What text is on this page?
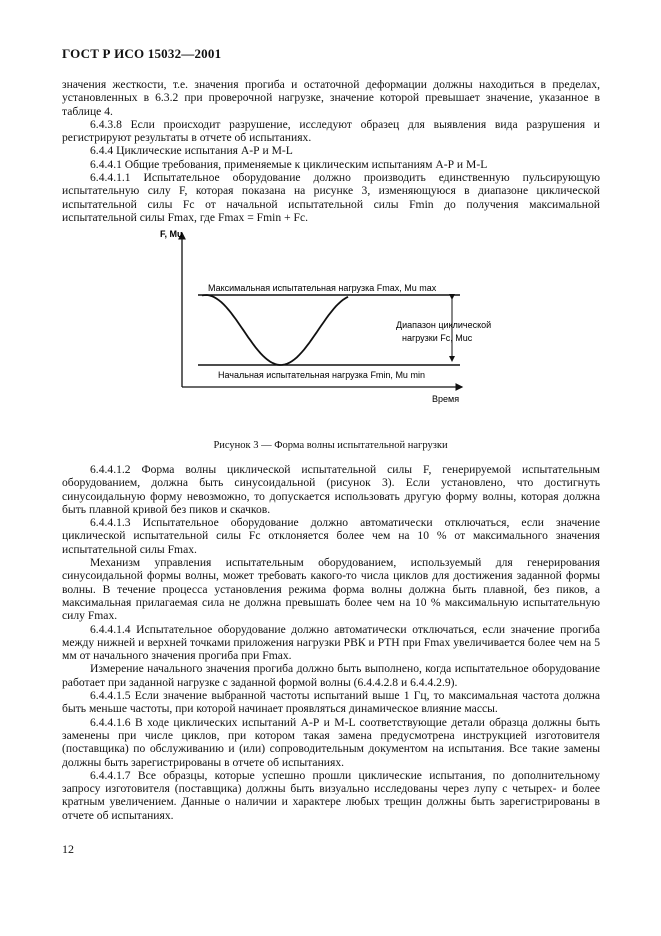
ГОСТ Р ИСО 15032—2001

значения жесткости, т.е. значения прогиба и остаточной деформации должны находиться в пределах, установленных в 6.3.2 при проверочной нагрузке, значение которой превышает значение, указанное в таблице 4.

6.4.3.8 Если происходит разрушение, исследуют образец для выявления вида разрушения и регистрируют результаты в отчете об испытаниях.

6.4.4 Циклические испытания А-Р и М-L

6.4.4.1 Общие требования, применяемые к циклическим испытаниям А-Р и М-L

6.4.4.1.1 Испытательное оборудование должно производить единственную пульсирующую испытательную силу F, которая показана на рисунке 3, изменяющуюся в диапазоне циклической испытательной силы Fc от начальной испытательной силы Fmin до получения максимальной испытательной силы Fmax, где Fmax = Fmin + Fc.

F, Mu
Время
Максимальная испытательная нагрузка Fmax, Mu max
Начальная испытательная нагрузка Fmin, Mu min
Диапазон циклической
нагрузки Fc, Muc
Рисунок 3 — Форма волны испытательной нагрузки

6.4.4.1.2 Форма волны циклической испытательной силы F, генерируемой испытательным оборудованием, должна быть синусоидальной (рисунок 3). Если установлено, что достигнуть синусоидальную форму невозможно, то допускается использовать другую форму волны, которая должна быть плавной кривой без пиков и скачков.

6.4.4.1.3 Испытательное оборудование должно автоматически отключаться, если значение циклической испытательной силы Fc отклоняется более чем на 10 % от максимального значения испытательной силы Fmax.

Механизм управления испытательным оборудованием, используемый для генерирования синусоидальной формы волны, может требовать какого-то числа циклов для достижения заданной формы волны. В течение процесса установления режима форма волны должна быть плавной, без пиков, а максимальная прилагаемая сила не должна превышать более чем на 10 % максимальную испытательную силу Fmax.

6.4.4.1.4 Испытательное оборудование должно автоматически отключаться, если значение прогиба между нижней и верхней точками приложения нагрузки PВК и PТН при Fmax увеличивается более чем на 5 мм от начального значения прогиба при Fmax.

Измерение начального значения прогиба должно быть выполнено, когда испытательное оборудование работает при заданной нагрузке с заданной формой волны (6.4.4.2.8 и 6.4.4.2.9).

6.4.4.1.5 Если значение выбранной частоты испытаний выше 1 Гц, то максимальная частота должна быть меньше частоты, при которой начинает проявляться динамическое влияние массы.

6.4.4.1.6 В ходе циклических испытаний А-Р и М-L соответствующие детали образца должны быть заменены при числе циклов, при котором такая замена предусмотрена инструкцией изготовителя (поставщика) по обслуживанию и (или) сопроводительным документом на испытания. Все такие замены должны быть зарегистрированы в отчете об испытаниях.

6.4.4.1.7 Все образцы, которые успешно прошли циклические испытания, по дополнительному запросу изготовителя (поставщика) должны быть визуально исследованы через лупу с четырех- и более кратным увеличением. Данные о наличии и характере любых трещин должны быть зарегистрированы в отчете об испытаниях.

12
